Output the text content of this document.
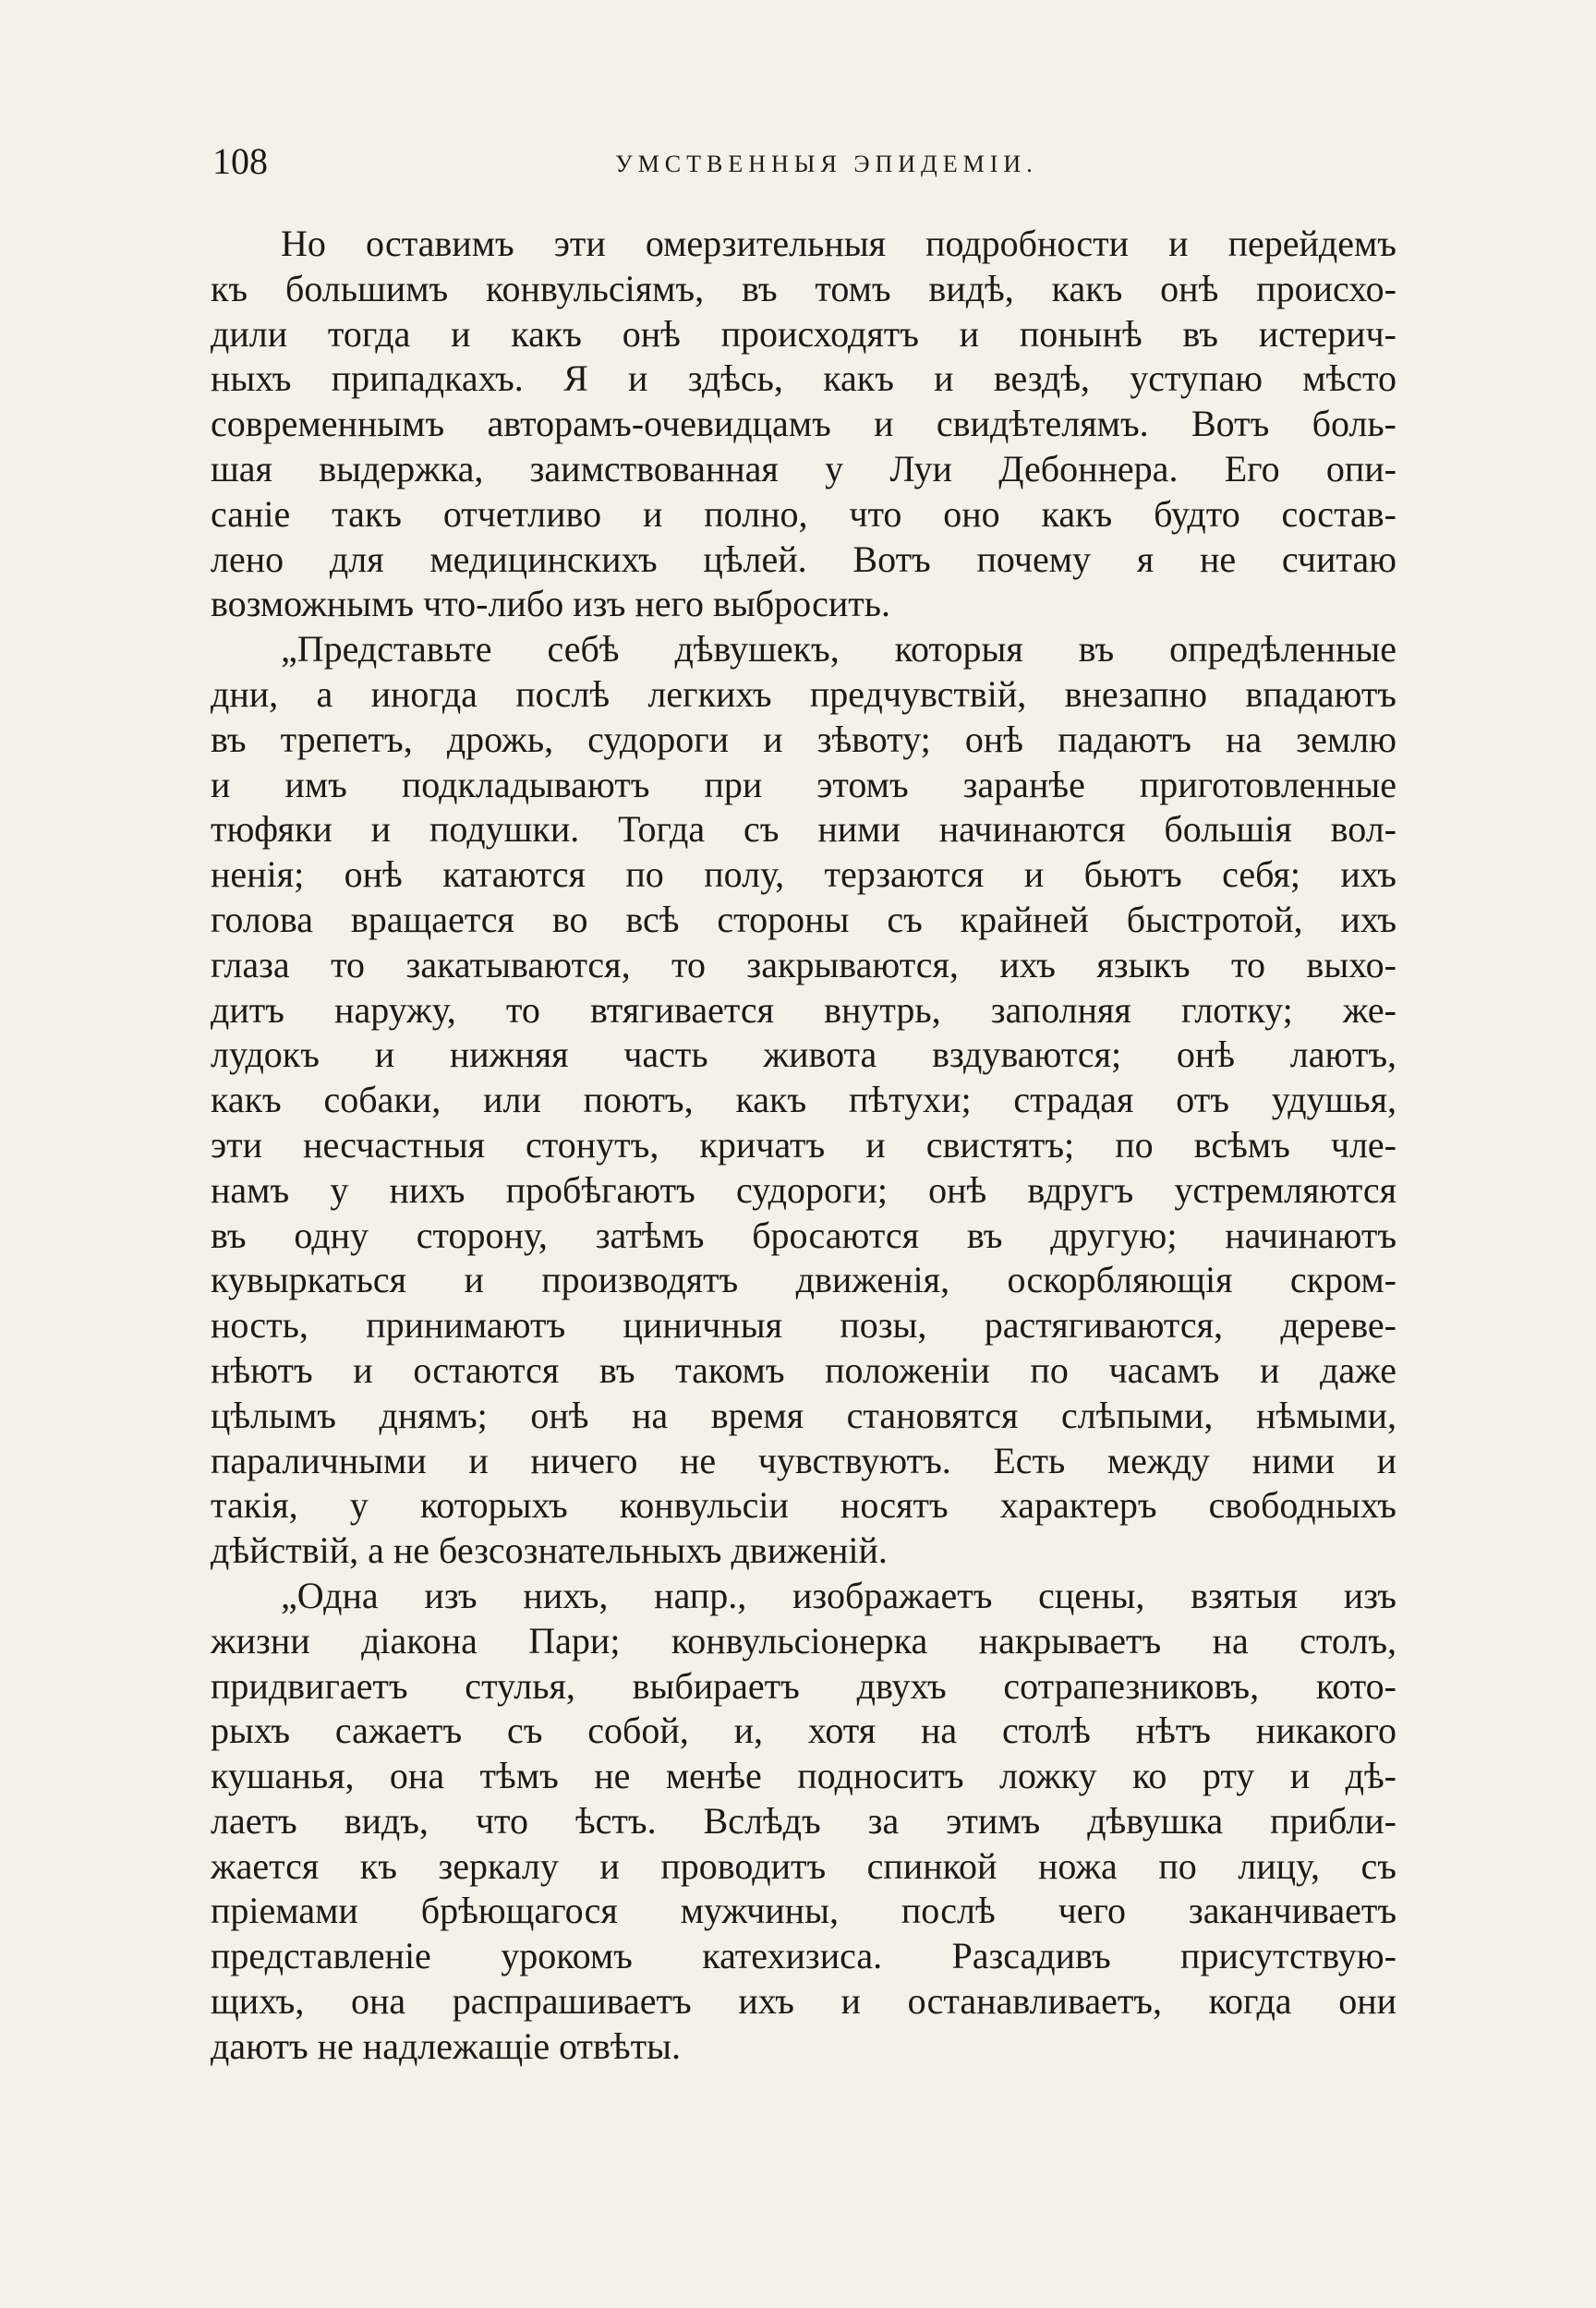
108	УМСТВЕННЫЯ ЭПИДЕМІИ.
Но оставимъ эти омерзительныя подробности и перейдемъ
къ большимъ конвульсіямъ, въ томъ видѣ, какъ онѣ происхо-
дили тогда и какъ онѣ происходятъ и понынѣ въ истерич-
ныхъ припадкахъ. Я и здѣсь, какъ и вездѣ, уступаю мѣсто
современнымъ авторамъ-очевидцамъ и свидѣтелямъ. Вотъ боль-
шая выдержка, заимствованная у Луи Дебоннера. Его опи-
саніе такъ отчетливо и полно, что оно какъ будто состав-
лено для медицинскихъ цѣлей. Вотъ почему я не считаю
возможнымъ что-либо изъ него выбросить.
„Представьте себѣ дѣвушекъ, которыя въ опредѣленные
дни, а иногда послѣ легкихъ предчувствій, внезапно впадаютъ
въ трепетъ, дрожь, судороги и зѣвоту; онѣ падаютъ на землю
и имъ подкладываютъ при этомъ заранѣе приготовленные
тюфяки и подушки. Тогда съ ними начинаются большія вол-
ненія; онѣ катаются по полу, терзаются и бьютъ себя; ихъ
голова вращается во всѣ стороны съ крайней быстротой, ихъ
глаза то закатываются, то закрываются, ихъ языкъ то выхо-
дитъ наружу, то втягивается внутрь, заполняя глотку; же-
лудокъ и нижняя часть живота вздуваются; онѣ лаютъ,
какъ собаки, или поютъ, какъ пѣтухи; страдая отъ удушья,
эти несчастныя стонутъ, кричатъ и свистятъ; по всѣмъ чле-
намъ у нихъ пробѣгаютъ судороги; онѣ вдругъ устремляются
въ одну сторону, затѣмъ бросаются въ другую; начинаютъ
кувыркаться и производятъ движенія, оскорбляющія скром-
ность, принимаютъ циничныя позы, растягиваются, дереве-
нѣютъ и остаются въ такомъ положеніи по часамъ и даже
цѣлымъ днямъ; онѣ на время становятся слѣпыми, нѣмыми,
параличными и ничего не чувствуютъ. Есть между ними и
такія, у которыхъ конвульсіи носятъ характеръ свободныхъ
дѣйствій, а не безсознательныхъ движеній.
„Одна изъ нихъ, напр., изображаетъ сцены, взятыя изъ
жизни діакона Пари; конвульсіонерка накрываетъ на столъ,
придвигаетъ стулья, выбираетъ двухъ сотрапезниковъ, кото-
рыхъ сажаетъ съ собой, и, хотя на столѣ нѣтъ никакого
кушанья, она тѣмъ не менѣе подноситъ ложку ко рту и дѣ-
лаетъ видъ, что ѣстъ. Вслѣдъ за этимъ дѣвушка прибли-
жается къ зеркалу и проводитъ спинкой ножа по лицу, съ
пріемами брѣющагося мужчины, послѣ чего заканчиваетъ
представленіе урокомъ катехизиса. Разсадивъ присутствую-
щихъ, она распрашиваетъ ихъ и останавливаетъ, когда они
даютъ не надлежащіе отвѣты.
